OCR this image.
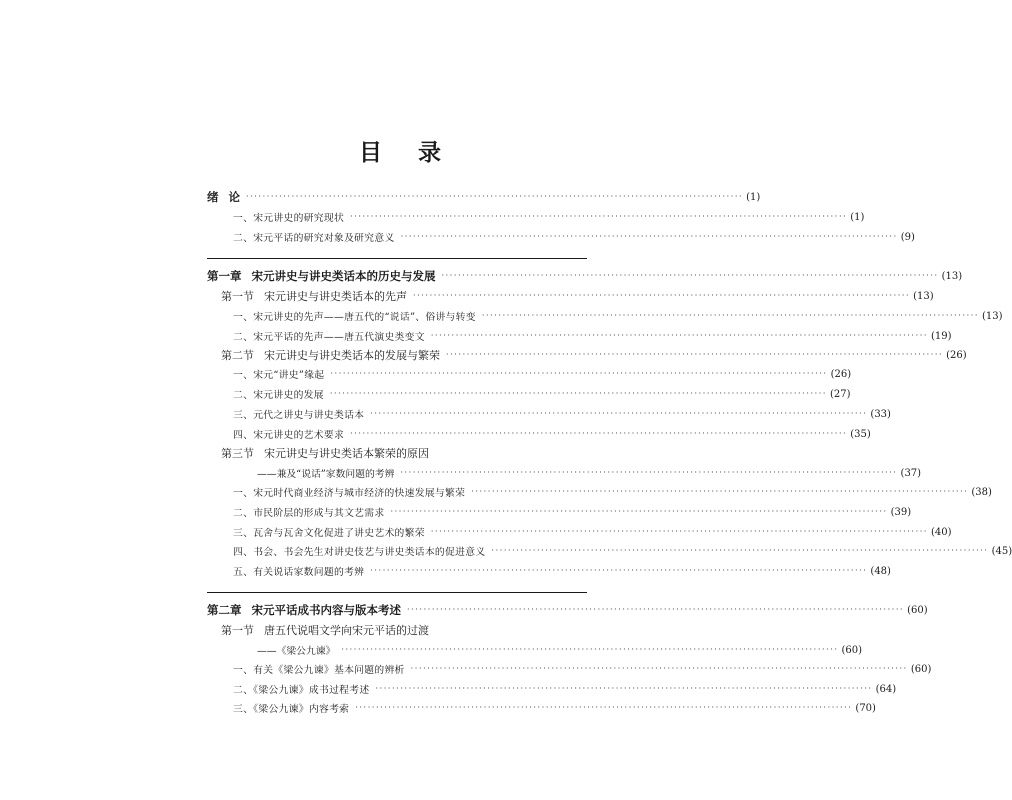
目 录
绪 论 ························································································································ (1)
一、宋元讲史的研究现状 ························································································································ (1)
二、宋元平话的研究对象及研究意义 ························································································································ (9)
第一章 宋元讲史与讲史类话本的历史与发展 ························································································································ (13)
第一节 宋元讲史与讲史类话本的先声 ························································································································ (13)
一、宋元讲史的先声——唐五代的“说话”、俗讲与转变 ························································································································ (13)
二、宋元平话的先声——唐五代演史类变文 ························································································································ (19)
第二节 宋元讲史与讲史类话本的发展与繁荣 ························································································································ (26)
一、宋元“讲史”缘起 ························································································································ (26)
二、宋元讲史的发展 ························································································································ (27)
三、元代之讲史与讲史类话本 ························································································································ (33)
四、宋元讲史的艺术要求 ························································································································ (35)
第三节 宋元讲史与讲史类话本繁荣的原因
——兼及“说话”家数问题的考辨 ························································································································ (37)
一、宋元时代商业经济与城市经济的快速发展与繁荣 ························································································································ (38)
二、市民阶层的形成与其文艺需求 ························································································································ (39)
三、瓦舍与瓦舍文化促进了讲史艺术的繁荣 ························································································································ (40)
四、书会、书会先生对讲史伎艺与讲史类话本的促进意义 ························································································································ (45)
五、有关说话家数问题的考辨 ························································································································ (48)
第二章 宋元平话成书内容与版本考述 ························································································································ (60)
第一节 唐五代说唱文学向宋元平话的过渡
——《梁公九谏》 ························································································································ (60)
一、有关《梁公九谏》基本问题的辨析 ························································································································ (60)
二、《梁公九谏》成书过程考述 ························································································································ (64)
三、《梁公九谏》内容考索 ························································································································ (70)
